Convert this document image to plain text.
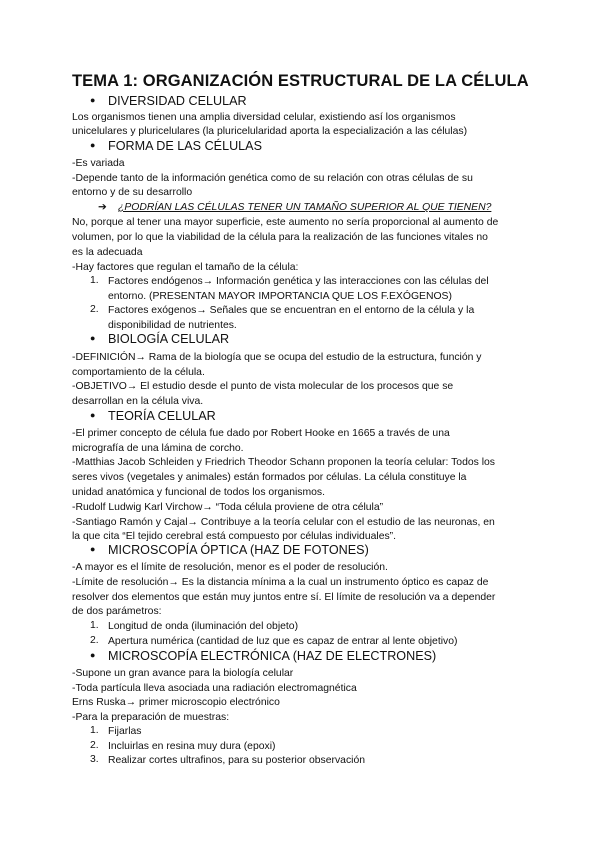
TEMA 1: ORGANIZACIÓN ESTRUCTURAL DE LA CÉLULA
● DIVERSIDAD CELULAR
Los organismos tienen una amplia diversidad celular, existiendo así los organismos
unicelulares y pluricelulares (la pluricelularidad aporta la especialización a las células)
● FORMA DE LAS CÉLULAS
-Es variada
-Depende tanto de la información genética como de su relación con otras células de su
entorno y de su desarrollo
➔ ¿PODRÍAN LAS CÉLULAS TENER UN TAMAÑO SUPERIOR AL QUE TIENEN?
No, porque al tener una mayor superficie, este aumento no sería proporcional al aumento de
volumen, por lo que la viabilidad de la célula para la realización de las funciones vitales no
es la adecuada
-Hay factores que regulan el tamaño de la célula:
1. Factores endógenos→ Información genética y las interacciones con las células del
entorno. (PRESENTAN MAYOR IMPORTANCIA QUE LOS F.EXÓGENOS)
2. Factores exógenos→ Señales que se encuentran en el entorno de la célula y la
disponibilidad de nutrientes.
● BIOLOGÍA CELULAR
-DEFINICIÓN→ Rama de la biología que se ocupa del estudio de la estructura, función y
comportamiento de la célula.
-OBJETIVO→ El estudio desde el punto de vista molecular de los procesos que se
desarrollan en la célula viva.
● TEORÍA CELULAR
-El primer concepto de célula fue dado por Robert Hooke en 1665 a través de una
micrografía de una lámina de corcho.
-Matthias Jacob Schleiden y Friedrich Theodor Schann proponen la teoría celular: Todos los
seres vivos (vegetales y animales) están formados por células. La célula constituye la
unidad anatómica y funcional de todos los organismos.
-Rudolf Ludwig Karl Virchow→ “Toda célula proviene de otra célula”
-Santiago Ramón y Cajal→ Contribuye a la teoría celular con el estudio de las neuronas, en
la que cita “El tejido cerebral está compuesto por células individuales”.
● MICROSCOPÍA ÓPTICA (HAZ DE FOTONES)
-A mayor es el límite de resolución, menor es el poder de resolución.
-Límite de resolución→ Es la distancia mínima a la cual un instrumento óptico es capaz de
resolver dos elementos que están muy juntos entre sí. El límite de resolución va a depender
de dos parámetros:
1. Longitud de onda (iluminación del objeto)
2. Apertura numérica (cantidad de luz que es capaz de entrar al lente objetivo)
● MICROSCOPÍA ELECTRÓNICA (HAZ DE ELECTRONES)
-Supone un gran avance para la biología celular
-Toda partícula lleva asociada una radiación electromagnética
Erns Ruska→ primer microscopio electrónico
-Para la preparación de muestras:
1. Fijarlas
2. Incluirlas en resina muy dura (epoxi)
3. Realizar cortes ultrafinos, para su posterior observación
